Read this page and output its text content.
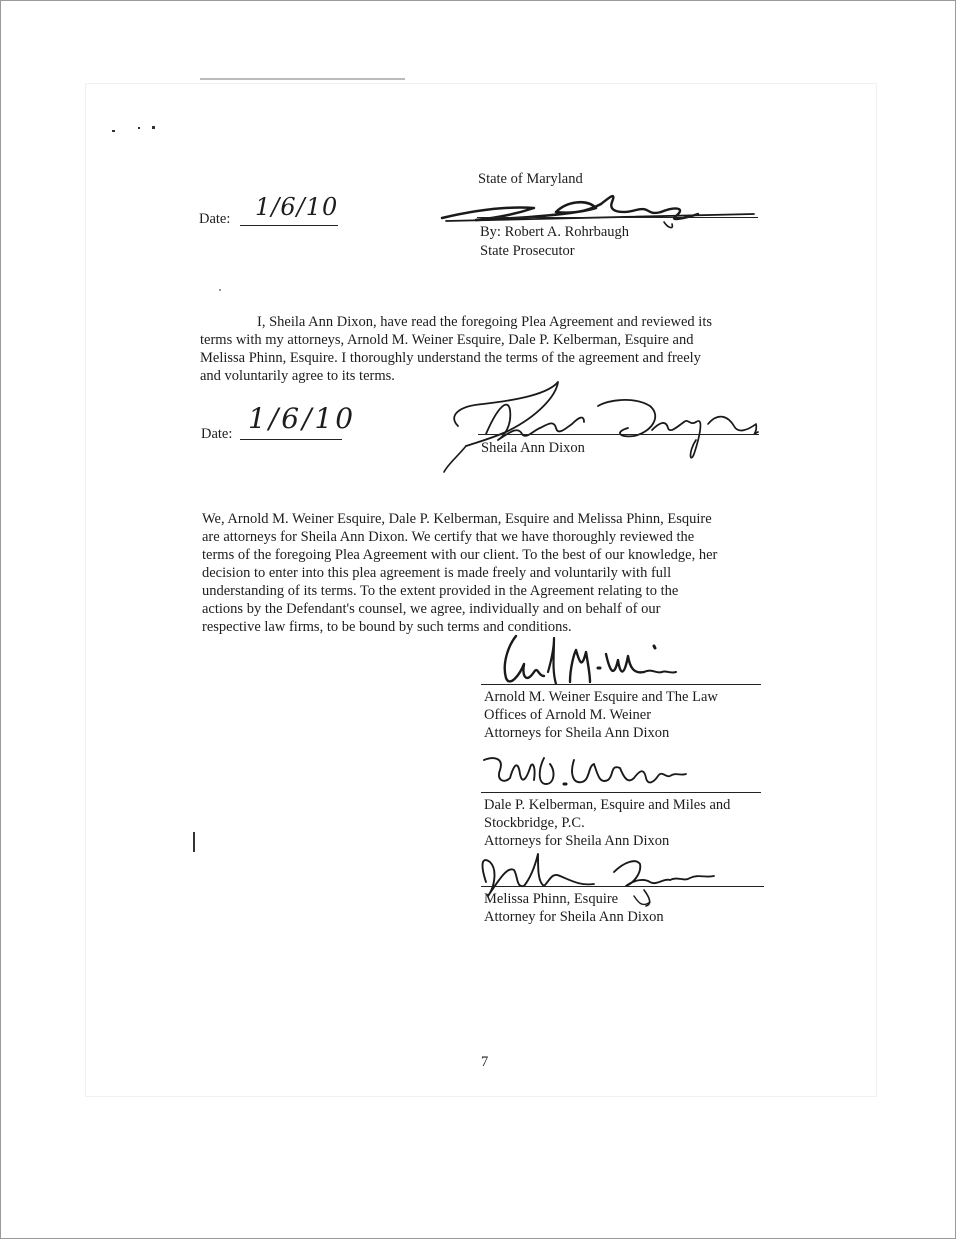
State of Maryland
Date: 1/6/10
By: Robert A. Rohrbaugh
State Prosecutor
I, Sheila Ann Dixon, have read the foregoing Plea Agreement and reviewed its
terms with my attorneys, Arnold M. Weiner Esquire, Dale P. Kelberman, Esquire and
Melissa Phinn, Esquire. I thoroughly understand the terms of the agreement and freely
and voluntarily agree to its terms.
Date: 1/6/10
Sheila Ann Dixon
We, Arnold M. Weiner Esquire, Dale P. Kelberman, Esquire and Melissa Phinn, Esquire
are attorneys for Sheila Ann Dixon. We certify that we have thoroughly reviewed the
terms of the foregoing Plea Agreement with our client. To the best of our knowledge, her
decision to enter into this plea agreement is made freely and voluntarily with full
understanding of its terms. To the extent provided in the Agreement relating to the
actions by the Defendant's counsel, we agree, individually and on behalf of our
respective law firms, to be bound by such terms and conditions.
Arnold M. Weiner Esquire and The Law
Offices of Arnold M. Weiner
Attorneys for Sheila Ann Dixon
Dale P. Kelberman, Esquire and Miles and
Stockbridge, P.C.
Attorneys for Sheila Ann Dixon
Melissa Phinn, Esquire
Attorney for Sheila Ann Dixon
7
